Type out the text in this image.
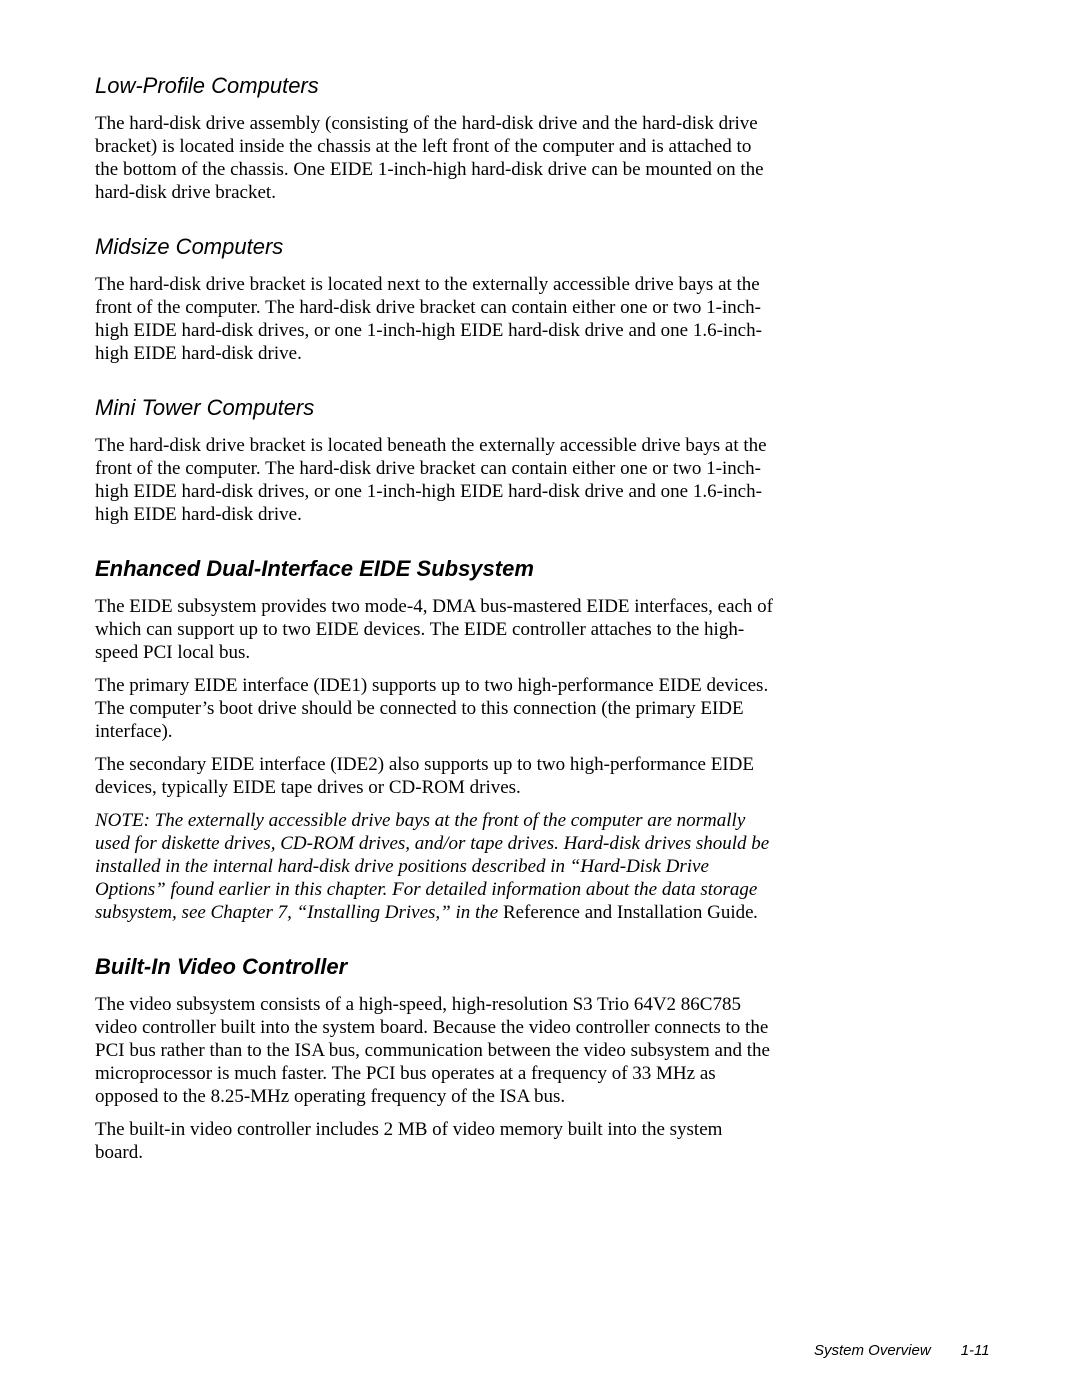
Low-Profile Computers

The hard-disk drive assembly (consisting of the hard-disk drive and the hard-disk drive bracket) is located inside the chassis at the left front of the computer and is attached to the bottom of the chassis. One EIDE 1-inch-high hard-disk drive can be mounted on the hard-disk drive bracket.

Midsize Computers

The hard-disk drive bracket is located next to the externally accessible drive bays at the front of the computer. The hard-disk drive bracket can contain either one or two 1-inch-high EIDE hard-disk drives, or one 1-inch-high EIDE hard-disk drive and one 1.6-inch-high EIDE hard-disk drive.

Mini Tower Computers

The hard-disk drive bracket is located beneath the externally accessible drive bays at the front of the computer. The hard-disk drive bracket can contain either one or two 1-inch-high EIDE hard-disk drives, or one 1-inch-high EIDE hard-disk drive and one 1.6-inch-high EIDE hard-disk drive.

Enhanced Dual-Interface EIDE Subsystem

The EIDE subsystem provides two mode-4, DMA bus-mastered EIDE interfaces, each of which can support up to two EIDE devices. The EIDE controller attaches to the high-speed PCI local bus.

The primary EIDE interface (IDE1) supports up to two high-performance EIDE devices. The computer’s boot drive should be connected to this connection (the primary EIDE interface).

The secondary EIDE interface (IDE2) also supports up to two high-performance EIDE devices, typically EIDE tape drives or CD-ROM drives.

NOTE: The externally accessible drive bays at the front of the computer are normally used for diskette drives, CD-ROM drives, and/or tape drives. Hard-disk drives should be installed in the internal hard-disk drive positions described in “Hard-Disk Drive Options” found earlier in this chapter. For detailed information about the data storage subsystem, see Chapter 7, “Installing Drives,” in the Reference and Installation Guide.

Built-In Video Controller

The video subsystem consists of a high-speed, high-resolution S3 Trio 64V2 86C785 video controller built into the system board. Because the video controller connects to the PCI bus rather than to the ISA bus, communication between the video subsystem and the microprocessor is much faster. The PCI bus operates at a frequency of 33 MHz as opposed to the 8.25-MHz operating frequency of the ISA bus.

The built-in video controller includes 2 MB of video memory built into the system board.

System Overview 1-11
